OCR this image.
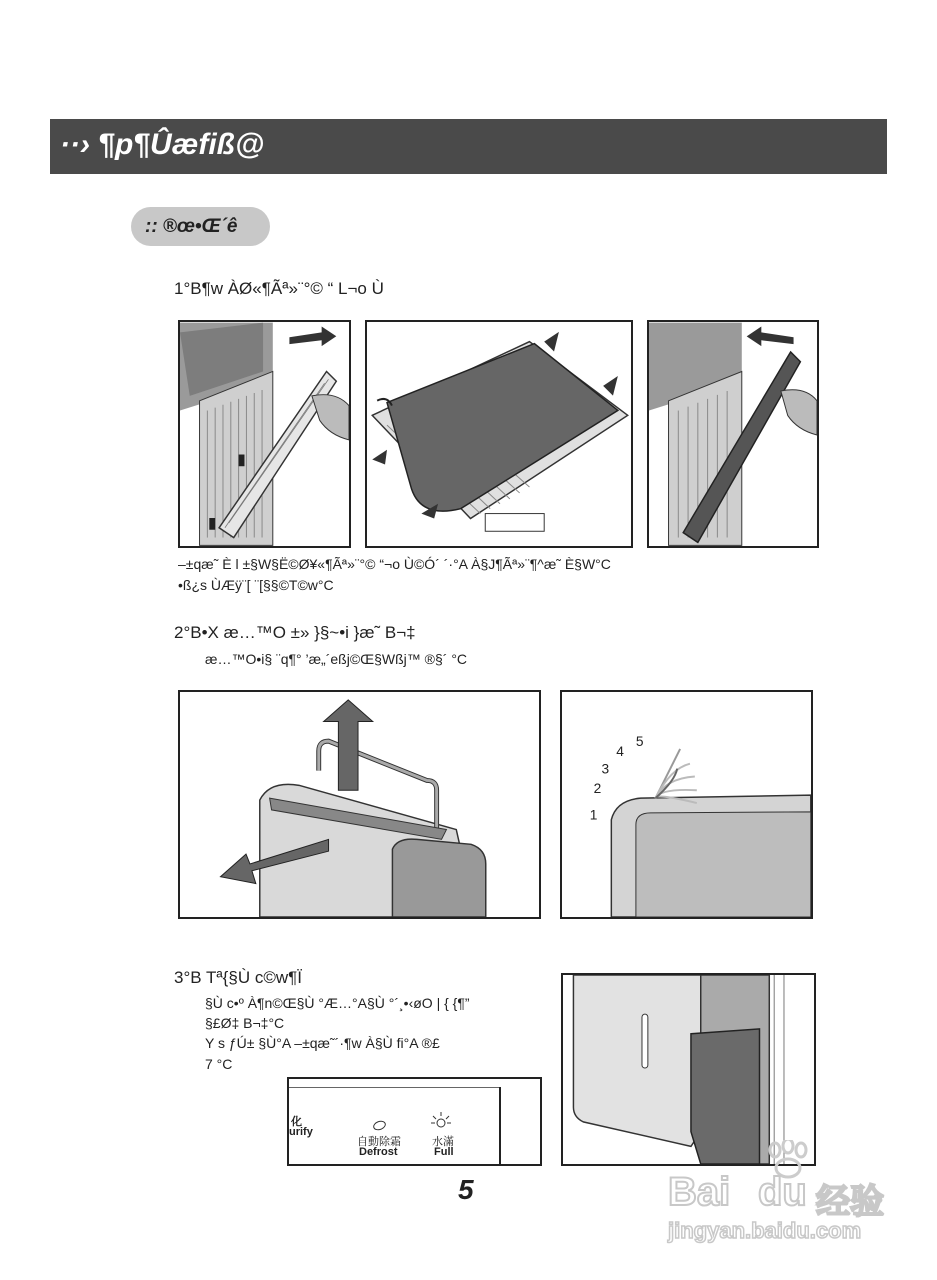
··› ¶p¶Ûæfiß@
:: ®œ•Œ´ê
1°B¶w ÀØ«¶Ãª»¨°© “ L¬o Ù
–±qæ˜ È l ±§W§Ë©Ø¥«¶Ãª»¨°© “¬o Ù©Ó´ ´·°A À§J¶Ãª»¨¶^æ˜ È§W°C
•ß¿s ÙÆÿ¨[ ¨[§§©T©w°C
2°B•X æ…™O ±» }§~•i }æ˜ B¬‡
æ…™O•i§ ¨q¶° ’æ„´eßj©Œ§Wßj™ ®§´ °C
1
2
3
4
5
3°B Tª{§Ù c©w¶Ï
§Ù c•º À¶n©Œ§Ù °Æ…°A§Ù °´¸•‹øO | { {¶”
§£Ø‡ B¬‡°C
Y s ƒÚ± §Ù°A –±qæ˜´·¶w À§Ù fi°A ®£
7 °C
化
urify
自動除霜
Defrost
水滿
Full
5	Bai du 经验
jingyan.baidu.com
